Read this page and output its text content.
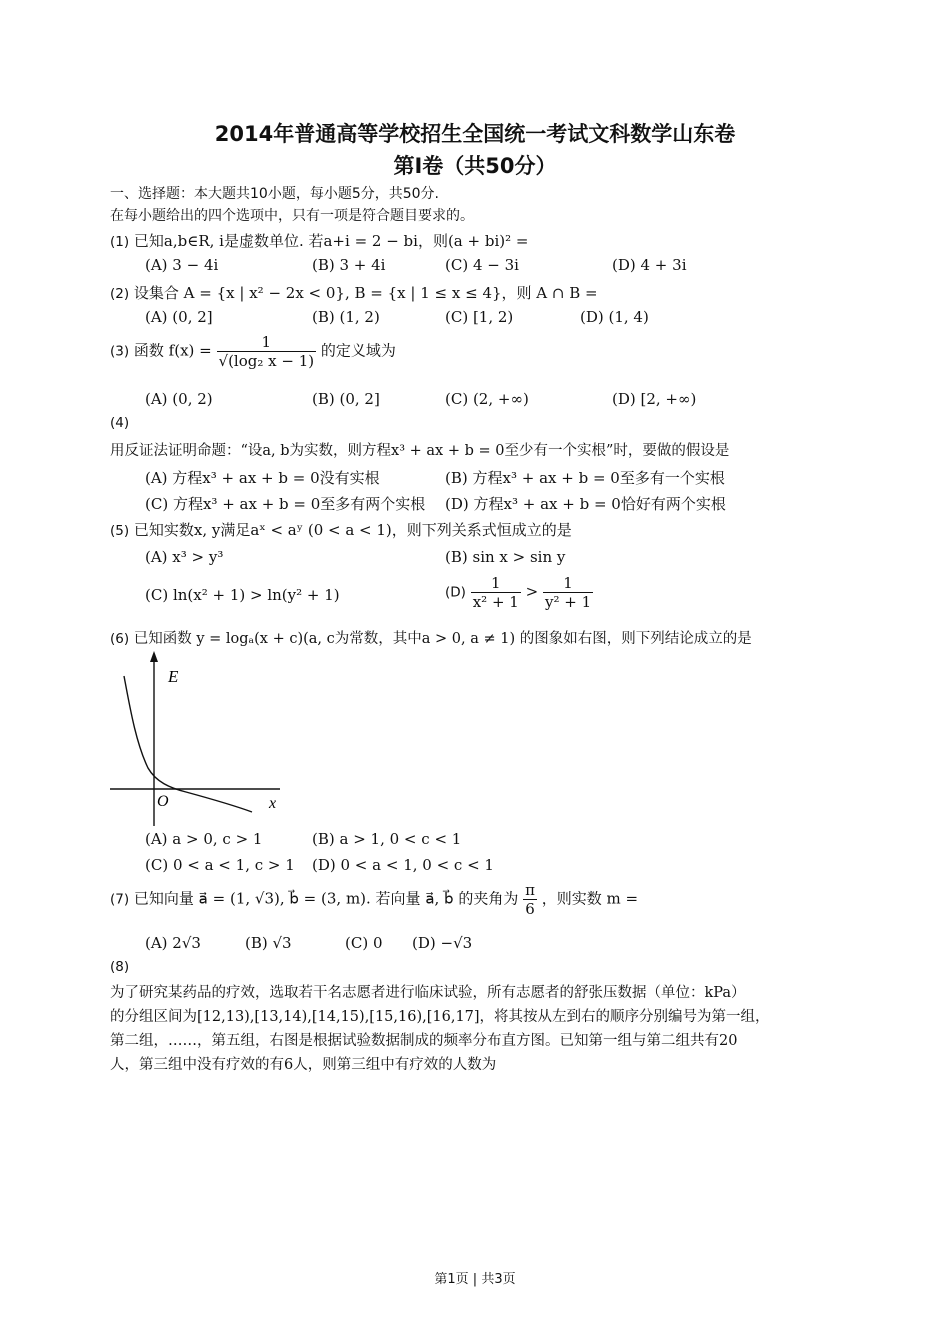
2014年普通高等学校招生全国统一考试文科数学山东卷
第Ⅰ卷（共50分）
一、选择题：本大题共10小题，每小题5分，共50分.
在每小题给出的四个选项中，只有一项是符合题目要求的。
(1) 已知a,b∈R, i是虚数单位. 若a+i = 2 − bi，则(a + bi)² =
(A) 3 − 4i	(B) 3 + 4i	(C) 4 − 3i	(D) 4 + 3i
(2) 设集合 A = {x | x² − 2x < 0}, B = {x | 1 ≤ x ≤ 4}，则 A ∩ B =
(A) (0, 2]	(B) (1, 2)	(C) [1, 2)	(D) (1, 4)
(3) 函数 $f(x) = \frac{1}{\text{√(log₂ x − 1)}}$ 的定义域为
(A) (0, 2)	(B) (0, 2]	(C) (2, +∞)	(D) [2, +∞)
(4)
用反证法证明命题：“设a, b为实数，则方程x³ + ax + b = 0至少有一个实根”时，要做的假设是
(A) 方程x³ + ax + b = 0没有实根	(B) 方程x³ + ax + b = 0至多有一个实根
(C) 方程x³ + ax + b = 0至多有两个实根 (D) 方程x³ + ax + b = 0恰好有两个实根
(5) 已知实数x, y满足aˣ < aʸ (0 < a < 1)，则下列关系式恒成立的是
(A) x³ > y³	(B) sin x > sin y
(C) ln(x² + 1) > ln(y² + 1)	$(D) \frac{1}{\text{x² + 1}} > \frac{1}{\text{y² + 1}}$
(6) 已知函数 y = logₐ(x + c)(a, c为常数，其中a > 0, a ≠ 1) 的图象如右图，则下列结论成立的是
E
O	x
(A) a > 0, c > 1	(B) a > 1, 0 < c < 1
(C) 0 < a < 1, c > 1 (D) 0 < a < 1, 0 < c < 1
(7) 已知向量 a⃗ = (1, √3), b⃗ = (3, m). 若向量 a⃗, b⃗ 的夹角为 $\frac{\pi}{6}$ ，则实数 m =
(A) 2√3	(B) √3	(C) 0 (D) −√3
(8)
为了研究某药品的疗效，选取若干名志愿者进行临床试验，所有志愿者的舒张压数据（单位：kPa）
的分组区间为[12,13),[13,14),[14,15),[15,16),[16,17]，将其按从左到右的顺序分别编号为第一组，
第二组，……，第五组，右图是根据试验数据制成的频率分布直方图。已知第一组与第二组共有20
人，第三组中没有疗效的有6人，则第三组中有疗效的人数为
第1页 | 共3页
